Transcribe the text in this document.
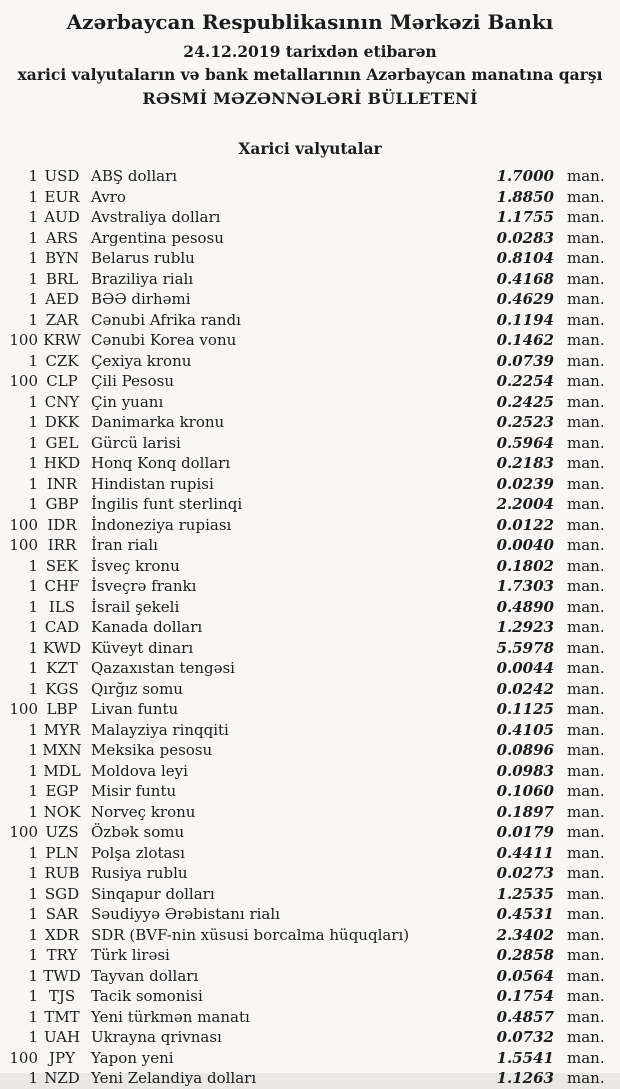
Azərbaycan Respublikasının Mərkəzi Bankı
24.12.2019 tarixdən etibarən
xarici valyutaların və bank metallarının Azərbaycan manatına qarşı
RƏSMİ MƏZƏNNƏLƏRİ BÜLLETENİ
Xarici valyutalar
1 USD ABŞ dolları	1.7000 man.
1 EUR Avro	1.8850 man.
1 AUD Avstraliya dolları	1.1755 man.
1 ARS Argentina pesosu	0.0283 man.
1 BYN Belarus rublu	0.8104 man.
1 BRL Braziliya rialı	0.4168 man.
1 AED BƏƏ dirhəmi	0.4629 man.
1 ZAR Cənubi Afrika randı	0.1194 man.
100 KRW Cənubi Korea vonu	0.1462 man.
1 CZK Çexiya kronu	0.0739 man.
100 CLP Çili Pesosu	0.2254 man.
1 CNY Çin yuanı	0.2425 man.
1 DKK Danimarka kronu	0.2523 man.
1 GEL Gürcü larisi	0.5964 man.
1 HKD Honq Konq dolları	0.2183 man.
1 INR Hindistan rupisi	0.0239 man.
1 GBP İngilis funt sterlinqi	2.2004 man.
100 IDR İndoneziya rupiası	0.0122 man.
100 IRR İran rialı	0.0040 man.
1 SEK İsveç kronu	0.1802 man.
1 CHF İsveçrə frankı	1.7303 man.
1 ILS	İsrail şekeli	0.4890 man.
1 CAD Kanada dolları	1.2923 man.
1 KWD Küveyt dinarı	5.5978 man.
1 KZT Qazaxıstan tengəsi	0.0044 man.
1 KGS Qırğız somu	0.0242 man.
100 LBP Livan funtu	0.1125 man.
1 MYR Malayziya rinqqiti	0.4105 man.
1 MXN Meksika pesosu	0.0896 man.
1 MDL Moldova leyi	0.0983 man.
1 EGP Misir funtu	0.1060 man.
1 NOK Norveç kronu	0.1897 man.
100 UZS Özbək somu	0.0179 man.
1 PLN Polşa zlotası	0.4411 man.
1 RUB Rusiya rublu	0.0273 man.
1 SGD Sinqapur dolları	1.2535 man.
1 SAR Səudiyyə Ərəbistanı rialı	0.4531 man.
1 XDR SDR (BVF-nin xüsusi borcalma hüquqları)	2.3402 man.
1 TRY Türk lirəsi	0.2858 man.
1 TWD Tayvan dolları	0.0564 man.
1 TJS	Tacik somonisi	0.1754 man.
1 TMT Yeni türkmən manatı	0.4857 man.
1 UAH Ukrayna qrivnası	0.0732 man.
100 JPY	Yapon yeni	1.5541 man.
1 NZD Yeni Zelandiya dolları	1.1263 man.
